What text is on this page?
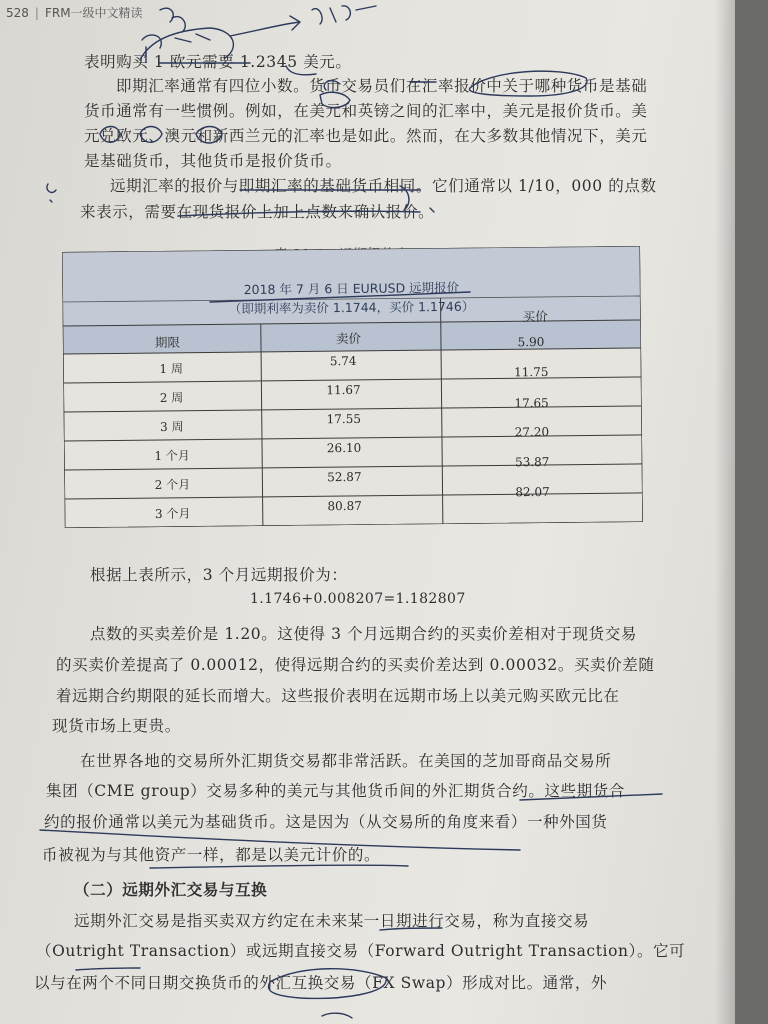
528 | FRM一级中文精读
表明购买 1 欧元需要 1.2345 美元。
即期汇率通常有四位小数。货币交易员们在汇率报价中关于哪种货币是基础
货币通常有一些惯例。例如，在美元和英镑之间的汇率中，美元是报价货币。美
元兑欧元、澳元和新西兰元的汇率也是如此。然而，在大多数其他情况下，美元
是基础货币，其他货币是报价货币。
远期汇率的报价与即期汇率的基础货币相同。它们通常以 1/10，000 的点数
来表示，需要在现货报价上加上点数来确认报价。
2018 年 7 月 6 日 EURUSD 远期报价
（即期利率为卖价 1.1744，买价 1.1746）
期限	卖价
买价
1 周
5.74
5.90
2 周
11.67
11.75
3 周
17.55
17.65
1 个月
26.10
27.20
2 个月
52.87
53.87
3 个月
80.87
82.07
根据上表所示，3 个月远期报价为：
1.1746+0.008207=1.182807
点数的买卖差价是 1.20。这使得 3 个月远期合约的买卖价差相对于现货交易
的买卖价差提高了 0.00012，使得远期合约的买卖价差达到 0.00032。买卖价差随
着远期合约期限的延长而增大。这些报价表明在远期市场上以美元购买欧元比在
现货市场上更贵。
在世界各地的交易所外汇期货交易都非常活跃。在美国的芝加哥商品交易所
集团（CME group）交易多种的美元与其他货币间的外汇期货合约。这些期货合
约的报价通常以美元为基础货币。这是因为（从交易所的角度来看）一种外国货
币被视为与其他资产一样，都是以美元计价的。
（二）远期外汇交易与互换
远期外汇交易是指买卖双方约定在未来某一日期进行交易，称为直接交易
（Outright Transaction）或远期直接交易（Forward Outright Transaction）。它可
以与在两个不同日期交换货币的外汇互换交易（FX Swap）形成对比。通常，外
